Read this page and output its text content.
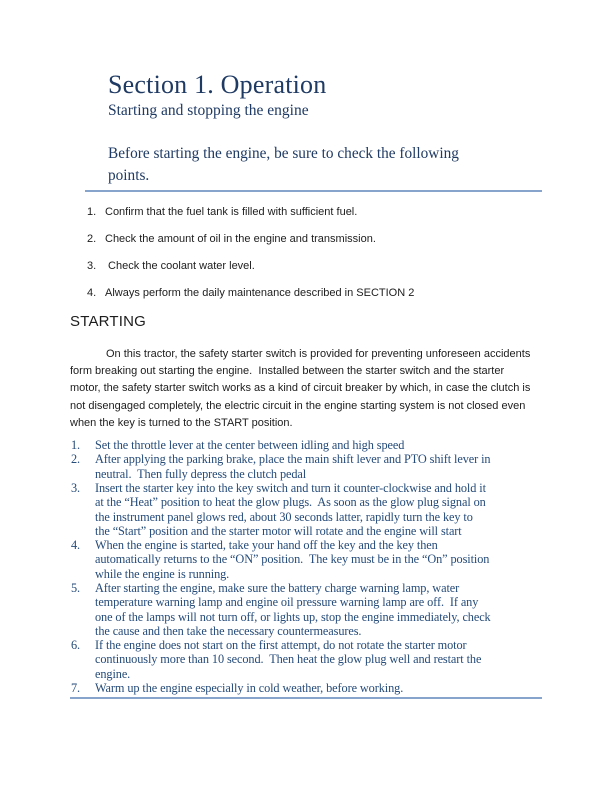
Section 1. Operation
Starting and stopping the engine
Before starting the engine, be sure to check the following
points.
1. Confirm that the fuel tank is filled with sufficient fuel.
2. Check the amount of oil in the engine and transmission.
3. Check the coolant water level.
4. Always perform the daily maintenance described in SECTION 2
STARTING
On this tractor, the safety starter switch is provided for preventing unforeseen accidents
form breaking out starting the engine.  Installed between the starter switch and the starter
motor, the safety starter switch works as a kind of circuit breaker by which, in case the clutch is
not disengaged completely, the electric circuit in the engine starting system is not closed even
when the key is turned to the START position.
1.	Set the throttle lever at the center between idling and high speed
2.	After applying the parking brake, place the main shift lever and PTO shift lever in
neutral.  Then fully depress the clutch pedal
3.	Insert the starter key into the key switch and turn it counter-clockwise and hold it
at the “Heat” position to heat the glow plugs.  As soon as the glow plug signal on
the instrument panel glows red, about 30 seconds latter, rapidly turn the key to
the “Start” position and the starter motor will rotate and the engine will start
4.	When the engine is started, take your hand off the key and the key then
automatically returns to the “ON” position.  The key must be in the “On” position
while the engine is running.
5.	After starting the engine, make sure the battery charge warning lamp, water
temperature warning lamp and engine oil pressure warning lamp are off.  If any
one of the lamps will not turn off, or lights up, stop the engine immediately, check
the cause and then take the necessary countermeasures.
6.	If the engine does not start on the first attempt, do not rotate the starter motor
continuously more than 10 second.  Then heat the glow plug well and restart the
engine.
7.	Warm up the engine especially in cold weather, before working.
